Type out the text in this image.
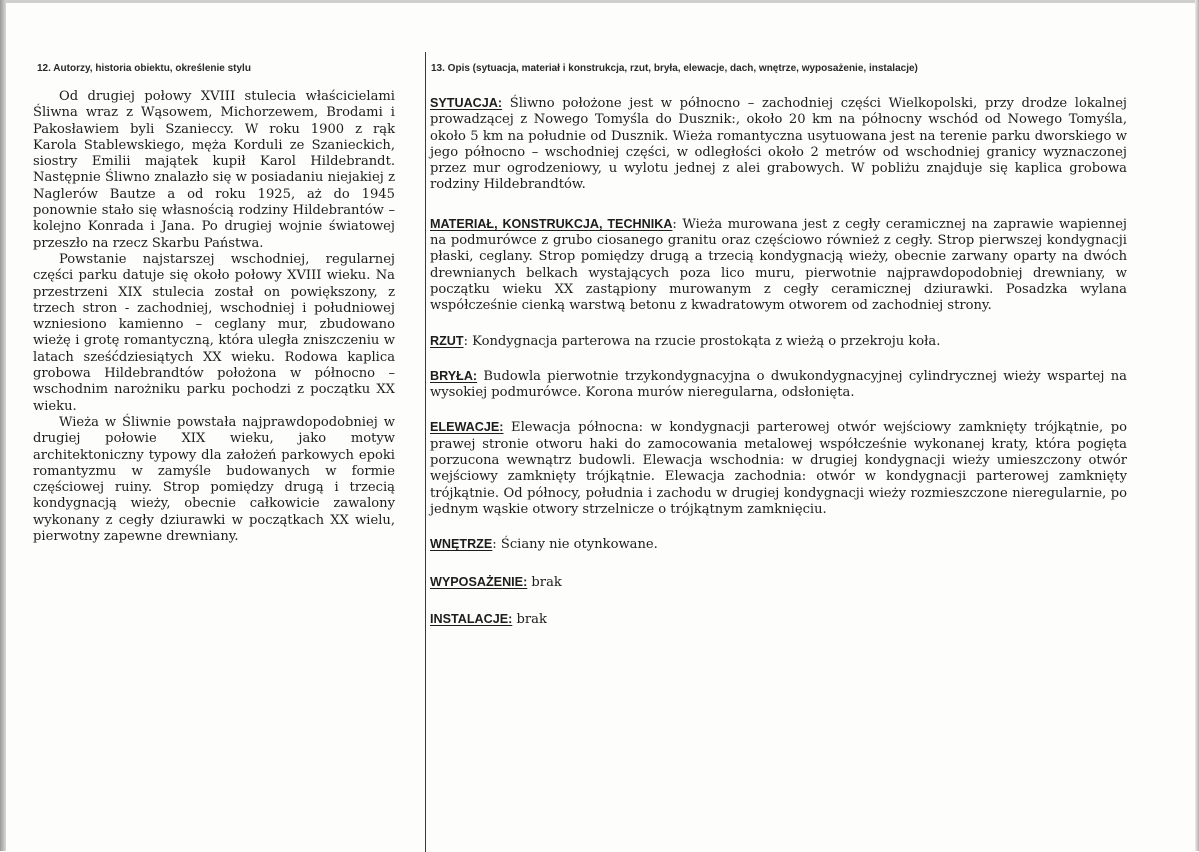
12. Autorzy, historia obiektu, określenie stylu	13. Opis (sytuacja, materiał i konstrukcja, rzut, bryła, elewacje, dach, wnętrze, wyposażenie, instalacje)

Od drugiej połowy XVIII stulecia właścicielami Śliwna wraz z Wąsowem, Michorzewem, Brodami i Pakosławiem byli Szanieccy. W roku 1900 z rąk Karola Stablewskiego, męża Korduli ze Szanieckich, siostry Emilii majątek kupił Karol Hildebrandt. Następnie Śliwno znalazło się w posiadaniu niejakiej z Naglerów Bautze a od roku 1925, aż do 1945 ponownie stało się własnością rodziny Hildebrantów – kolejno Konrada i Jana. Po drugiej wojnie światowej przeszło na rzecz Skarbu Państwa.

Powstanie najstarszej wschodniej, regularnej części parku datuje się około połowy XVIII wieku. Na przestrzeni XIX stulecia został on powiększony, z trzech stron - zachodniej, wschodniej i południowej wzniesiono kamienno – ceglany mur, zbudowano wieżę i grotę romantyczną, która uległa zniszczeniu w latach sześćdziesiątych XX wieku. Rodowa kaplica grobowa Hildebrandtów położona w północno – wschodnim narożniku parku pochodzi z początku XX wieku.

Wieża w Śliwnie powstała najprawdopodobniej w drugiej połowie XIX wieku, jako motyw architektoniczny typowy dla założeń parkowych epoki romantyzmu w zamyśle budowanych w formie częściowej ruiny. Strop pomiędzy drugą i trzecią kondygnacją wieży, obecnie całkowicie zawalony wykonany z cegły dziurawki w początkach XX wielu, pierwotny zapewne drewniany.

SYTUACJA: Śliwno położone jest w północno – zachodniej części Wielkopolski, przy drodze lokalnej prowadzącej z Nowego Tomyśla do Dusznik:, około 20 km na północny wschód od Nowego Tomyśla, około 5 km na południe od Dusznik. Wieża romantyczna usytuowana jest na terenie parku dworskiego w jego północno – wschodniej części, w odległości około 2 metrów od wschodniej granicy wyznaczonej przez mur ogrodzeniowy, u wylotu jednej z alei grabowych. W pobliżu znajduje się kaplica grobowa rodziny Hildebrandtów.

MATERIAŁ, KONSTRUKCJA, TECHNIKA: Wieża murowana jest z cegły ceramicznej na zaprawie wapiennej na podmurówce z grubo ciosanego granitu oraz częściowo również z cegły. Strop pierwszej kondygnacji płaski, ceglany. Strop pomiędzy drugą a trzecią kondygnacją wieży, obecnie zarwany oparty na dwóch drewnianych belkach wystających poza lico muru, pierwotnie najprawdopodobniej drewniany, w początku wieku XX zastąpiony murowanym z cegły ceramicznej dziurawki. Posadzka wylana współcześnie cienką warstwą betonu z kwadratowym otworem od zachodniej strony.

RZUT: Kondygnacja parterowa na rzucie prostokąta z wieżą o przekroju koła.

BRYŁA: Budowla pierwotnie trzykondygnacyjna o dwukondygnacyjnej cylindrycznej wieży wspartej na wysokiej podmurówce. Korona murów nieregularna, odsłonięta.

ELEWACJE: Elewacja północna: w kondygnacji parterowej otwór wejściowy zamknięty trójkątnie, po prawej stronie otworu haki do zamocowania metalowej współcześnie wykonanej kraty, która pogięta porzucona wewnątrz budowli. Elewacja wschodnia: w drugiej kondygnacji wieży umieszczony otwór wejściowy zamknięty trójkątnie. Elewacja zachodnia: otwór w kondygnacji parterowej zamknięty trójkątnie. Od północy, południa i zachodu w drugiej kondygnacji wieży rozmieszczone nieregularnie, po jednym wąskie otwory strzelnicze o trójkątnym zamknięciu.

WNĘTRZE: Ściany nie otynkowane.

WYPOSAŻENIE: brak

INSTALACJE: brak
